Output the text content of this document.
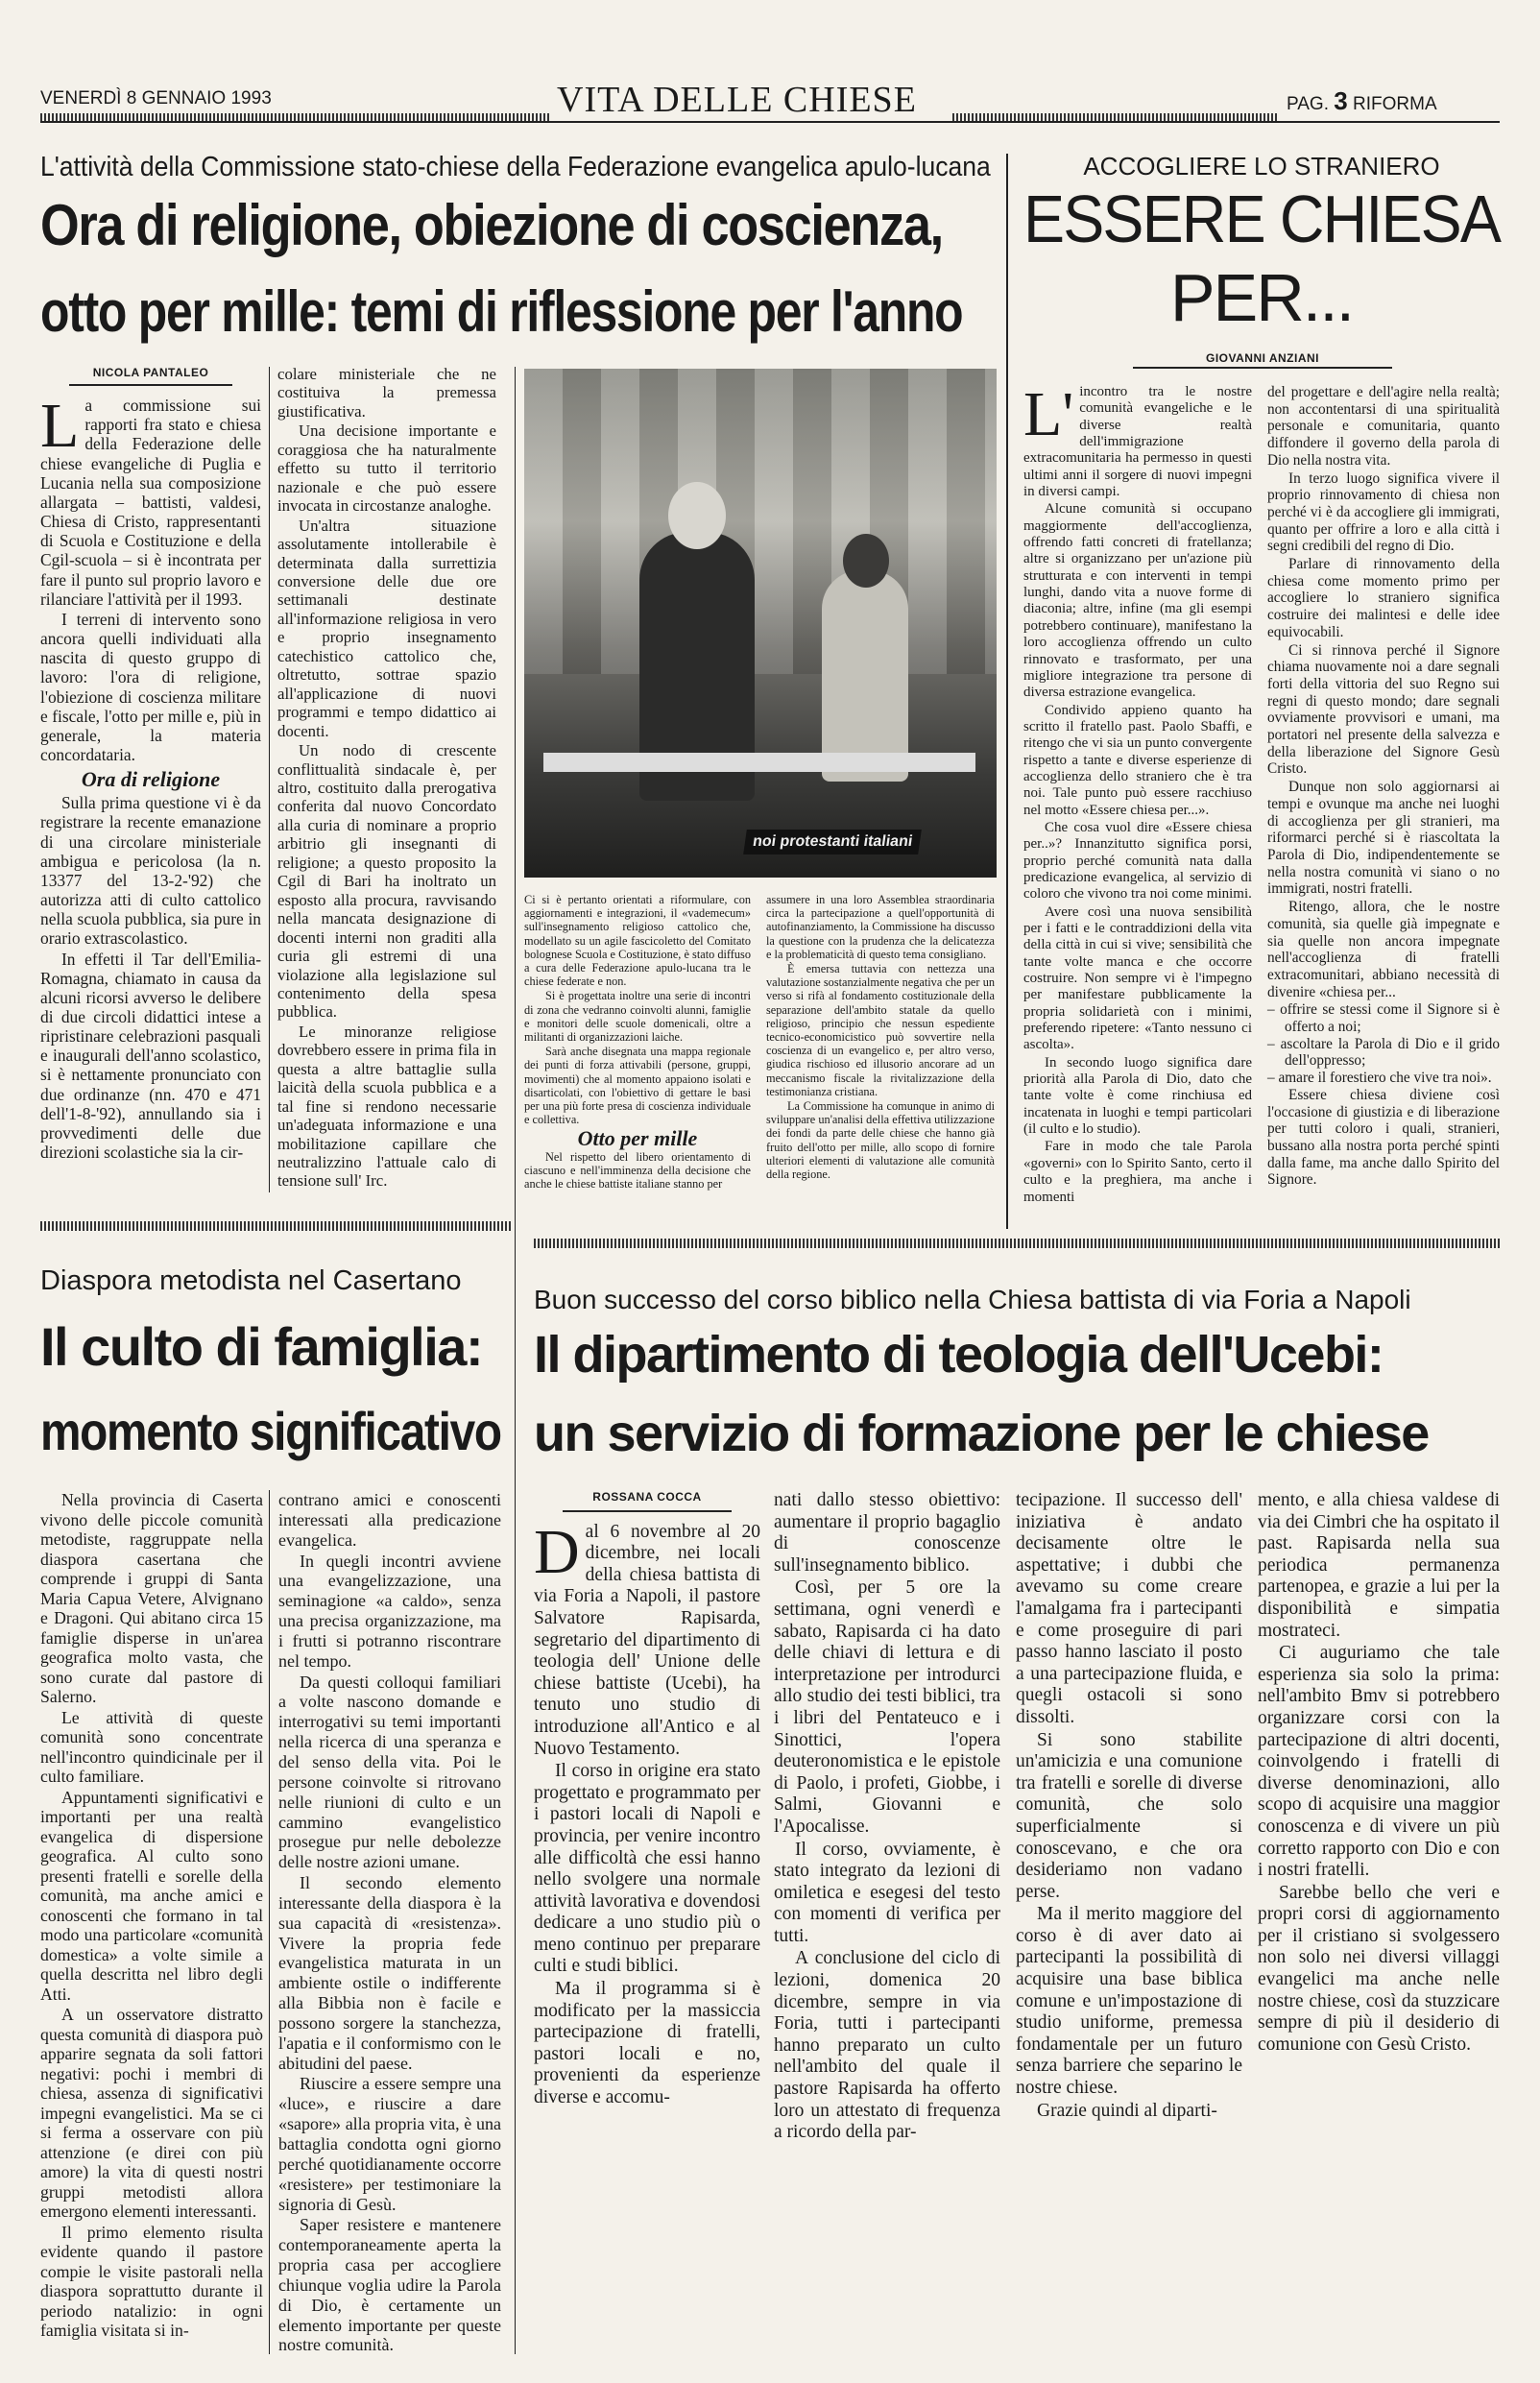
VENERDÌ 8 GENNAIO 1993	VITA DELLE CHIESE	PAG. 3 RIFORMA
L'attività della Commissione stato-chiese della Federazione evangelica apulo-lucana
Ora di religione, obiezione di coscienza,
otto per mille: temi di riflessione per l'anno
NICOLA PANTALEO
L a commissione sui rapporti fra stato e chiesa della Federazione delle chiese evangeliche di Puglia e Lucania nella sua composizione allargata – battisti, valdesi, Chiesa di Cristo, rappresentanti di Scuola e Costituzione e della Cgil-scuola – si è incontrata per fare il punto sul proprio lavoro e rilanciare l'attività per il 1993.

I terreni di intervento sono ancora quelli individuati alla nascita di questo gruppo di lavoro: l'ora di religione, l'obiezione di coscienza militare e fiscale, l'otto per mille e, più in generale, la materia concordataria.

Ora di religione

Sulla prima questione vi è da registrare la recente emanazione di una circolare ministeriale ambigua e pericolosa (la n. 13377 del 13-2-'92) che autorizza atti di culto cattolico nella scuola pubblica, sia pure in orario extrascolastico.

In effetti il Tar dell'Emilia-Romagna, chiamato in causa da alcuni ricorsi avverso le delibere di due circoli didattici intese a ripristinare celebrazioni pasquali e inaugurali dell'anno scolastico, si è nettamente pronunciato con due ordinanze (nn. 470 e 471 dell'1-8-'92), annullando sia i provvedimenti delle due direzioni scolastiche sia la cir-

colare ministeriale che ne costituiva la premessa giustificativa.

Una decisione importante e coraggiosa che ha naturalmente effetto su tutto il territorio nazionale e che può essere invocata in circostanze analoghe.

Un'altra situazione assolutamente intollerabile è determinata dalla surrettizia conversione delle due ore settimanali destinate all'informazione religiosa in vero e proprio insegnamento catechistico cattolico che, oltretutto, sottrae spazio all'applicazione di nuovi programmi e tempo didattico ai docenti.

Un nodo di crescente conflittualità sindacale è, per altro, costituito dalla prerogativa conferita dal nuovo Concordato alla curia di nominare a proprio arbitrio gli insegnanti di religione; a questo proposito la Cgil di Bari ha inoltrato un esposto alla procura, ravvisando nella mancata designazione di docenti interni non graditi alla curia gli estremi di una violazione alla legislazione sul contenimento della spesa pubblica.

Le minoranze religiose dovrebbero essere in prima fila in questa a altre battaglie sulla laicità della scuola pubblica e a tal fine si rendono necessarie un'adeguata informazione e una mobilitazione capillare che neutralizzino l'attuale calo di tensione sull' Irc.

noi protestanti italiani

Ci si è pertanto orientati a riformulare, con aggiornamenti e integrazioni, il «vademecum» sull'insegnamento religioso cattolico che, modellato su un agile fascicoletto del Comitato bolognese Scuola e Costituzione, è stato diffuso a cura delle Federazione apulo-lucana tra le chiese federate e non.

Si è progettata inoltre una serie di incontri di zona che vedranno coinvolti alunni, famiglie e monitori delle scuole domenicali, oltre a militanti di organizzazioni laiche.

Sarà anche disegnata una mappa regionale dei punti di forza attivabili (persone, gruppi, movimenti) che al momento appaiono isolati e disarticolati, con l'obiettivo di gettare le basi per una più forte presa di coscienza individuale e collettiva.

Otto per mille

Nel rispetto del libero orientamento di ciascuno e nell'imminenza della decisione che anche le chiese battiste italiane stanno per

assumere in una loro Assemblea straordinaria circa la partecipazione a quell'opportunità di autofinanziamento, la Commissione ha discusso la questione con la prudenza che la delicatezza e la problematicità di questo tema consigliano.

È emersa tuttavia con nettezza una valutazione sostanzialmente negativa che per un verso si rifà al fondamento costituzionale della separazione dell'ambito statale da quello religioso, principio che nessun espediente tecnico-economicistico può sovvertire nella coscienza di un evangelico e, per altro verso, giudica rischioso ed illusorio ancorare ad un meccanismo fiscale la rivitalizzazione della testimonianza cristiana.

La Commissione ha comunque in animo di sviluppare un'analisi della effettiva utilizzazione dei fondi da parte delle chiese che hanno già fruito dell'otto per mille, allo scopo di fornire ulteriori elementi di valutazione alle comunità della regione.

ACCOGLIERE LO STRANIERO
ESSERE CHIESA
PER...
GIOVANNI ANZIANI
L' incontro tra le nostre comunità evangeliche e le diverse realtà dell'immigrazione extracomunitaria ha permesso in questi ultimi anni il sorgere di nuovi impegni in diversi campi.

Alcune comunità si occupano maggiormente dell'accoglienza, offrendo fatti concreti di fratellanza; altre si organizzano per un'azione più strutturata e con interventi in tempi lunghi, dando vita a nuove forme di diaconia; altre, infine (ma gli esempi potrebbero continuare), manifestano la loro accoglienza offrendo un culto rinnovato e trasformato, per una migliore integrazione tra persone di diversa estrazione evangelica.

Condivido appieno quanto ha scritto il fratello past. Paolo Sbaffi, e ritengo che vi sia un punto convergente rispetto a tante e diverse esperienze di accoglienza dello straniero che è tra noi. Tale punto può essere racchiuso nel motto «Essere chiesa per...».

Che cosa vuol dire «Essere chiesa per..»? Innanzitutto significa porsi, proprio perché comunità nata dalla predicazione evangelica, al servizio di coloro che vivono tra noi come minimi.

Avere così una nuova sensibilità per i fatti e le contraddizioni della vita della città in cui si vive; sensibilità che tante volte manca e che occorre costruire. Non sempre vi è l'impegno per manifestare pubblicamente la propria solidarietà con i minimi, preferendo ripetere: «Tanto nessuno ci ascolta».

In secondo luogo significa dare priorità alla Parola di Dio, dato che tante volte è come rinchiusa ed incatenata in luoghi e tempi particolari (il culto e lo studio).

Fare in modo che tale Parola «governi» con lo Spirito Santo, certo il culto e la preghiera, ma anche i momenti

del progettare e dell'agire nella realtà; non accontentarsi di una spiritualità personale e comunitaria, quanto diffondere il governo della parola di Dio nella nostra vita.

In terzo luogo significa vivere il proprio rinnovamento di chiesa non perché vi è da accogliere gli immigrati, quanto per offrire a loro e alla città i segni credibili del regno di Dio.

Parlare di rinnovamento della chiesa come momento primo per accogliere lo straniero significa costruire dei malintesi e delle idee equivocabili.

Ci si rinnova perché il Signore chiama nuovamente noi a dare segnali forti della vittoria del suo Regno sui regni di questo mondo; dare segnali ovviamente provvisori e umani, ma portatori nel presente della salvezza e della liberazione del Signore Gesù Cristo.

Dunque non solo aggiornarsi ai tempi e ovunque ma anche nei luoghi di accoglienza per gli stranieri, ma riformarci perché si è riascoltata la Parola di Dio, indipendentemente se nella nostra comunità vi siano o no immigrati, nostri fratelli.

Ritengo, allora, che le nostre comunità, sia quelle già impegnate e sia quelle non ancora impegnate nell'accoglienza di fratelli extracomunitari, abbiano necessità di divenire «chiesa per...

– offrire se stessi come il Signore si è offerto a noi;
– ascoltare la Parola di Dio e il grido dell'oppresso;
– amare il forestiero che vive tra noi».

Essere chiesa diviene così l'occasione di giustizia e di liberazione per tutti coloro i quali, stranieri, bussano alla nostra porta perché spinti dalla fame, ma anche dallo Spirito del Signore.

Diaspora metodista nel Casertano
Il culto di famiglia:
momento significativo

Nella provincia di Caserta vivono delle piccole comunità metodiste, raggruppate nella diaspora casertana che comprende i gruppi di Santa Maria Capua Vetere, Alvignano e Dragoni. Qui abitano circa 15 famiglie disperse in un'area geografica molto vasta, che sono curate dal pastore di Salerno.

Le attività di queste comunità sono concentrate nell'incontro quindicinale per il culto familiare.

Appuntamenti significativi e importanti per una realtà evangelica di dispersione geografica. Al culto sono presenti fratelli e sorelle della comunità, ma anche amici e conoscenti che formano in tal modo una particolare «comunità domestica» a volte simile a quella descritta nel libro degli Atti.

A un osservatore distratto questa comunità di diaspora può apparire segnata da soli fattori negativi: pochi i membri di chiesa, assenza di significativi impegni evangelistici. Ma se ci si ferma a osservare con più attenzione (e direi con più amore) la vita di questi nostri gruppi metodisti allora emergono elementi interessanti.

Il primo elemento risulta evidente quando il pastore compie le visite pastorali nella diaspora soprattutto durante il periodo natalizio: in ogni famiglia visitata si in-

contrano amici e conoscenti interessati alla predicazione evangelica.

In quegli incontri avviene una evangelizzazione, una seminagione «a caldo», senza una precisa organizzazione, ma i frutti si potranno riscontrare nel tempo.

Da questi colloqui familiari a volte nascono domande e interrogativi su temi importanti nella ricerca di una speranza e del senso della vita. Poi le persone coinvolte si ritrovano nelle riunioni di culto e un cammino evangelistico prosegue pur nelle debolezze delle nostre azioni umane.

Il secondo elemento interessante della diaspora è la sua capacità di «resistenza». Vivere la propria fede evangelistica maturata in un ambiente ostile o indifferente alla Bibbia non è facile e possono sorgere la stanchezza, l'apatia e il conformismo con le abitudini del paese.

Riuscire a essere sempre una «luce», e riuscire a dare «sapore» alla propria vita, è una battaglia condotta ogni giorno perché quotidianamente occorre «resistere» per testimoniare la signoria di Gesù.

Saper resistere e mantenere contemporaneamente aperta la propria casa per accogliere chiunque voglia udire la Parola di Dio, è certamente un elemento importante per queste nostre comunità.

Buon successo del corso biblico nella Chiesa battista di via Foria a Napoli
Il dipartimento di teologia dell'Ucebi:
un servizio di formazione per le chiese
ROSSANA COCCA
D al 6 novembre al 20 dicembre, nei locali della chiesa battista di via Foria a Napoli, il pastore Salvatore Rapisarda, segretario del dipartimento di teologia dell' Unione delle chiese battiste (Ucebi), ha tenuto uno studio di introduzione all'Antico e al Nuovo Testamento.

Il corso in origine era stato progettato e programmato per i pastori locali di Napoli e provincia, per venire incontro alle difficoltà che essi hanno nello svolgere una normale attività lavorativa e dovendosi dedicare a uno studio più o meno continuo per preparare culti e studi biblici.

Ma il programma si è modificato per la massiccia partecipazione di fratelli, pastori locali e no, provenienti da esperienze diverse e accomu-

nati dallo stesso obiettivo: aumentare il proprio bagaglio di conoscenze sull'insegnamento biblico.

Così, per 5 ore la settimana, ogni venerdì e sabato, Rapisarda ci ha dato delle chiavi di lettura e di interpretazione per introdurci allo studio dei testi biblici, tra i libri del Pentateuco e i Sinottici, l'opera deuteronomistica e le epistole di Paolo, i profeti, Giobbe, i Salmi, Giovanni e l'Apocalisse.

Il corso, ovviamente, è stato integrato da lezioni di omiletica e esegesi del testo con momenti di verifica per tutti.

A conclusione del ciclo di lezioni, domenica 20 dicembre, sempre in via Foria, tutti i partecipanti hanno preparato un culto nell'ambito del quale il pastore Rapisarda ha offerto loro un attestato di frequenza a ricordo della par-

tecipazione. Il successo dell' iniziativa è andato decisamente oltre le aspettative; i dubbi che avevamo su come creare l'amalgama fra i partecipanti e come proseguire di pari passo hanno lasciato il posto a una partecipazione fluida, e quegli ostacoli si sono dissolti.

Si sono stabilite un'amicizia e una comunione tra fratelli e sorelle di diverse comunità, che solo superficialmente si conoscevano, e che ora desideriamo non vadano perse.

Ma il merito maggiore del corso è di aver dato ai partecipanti la possibilità di acquisire una base biblica comune e un'impostazione di studio uniforme, premessa fondamentale per un futuro senza barriere che separino le nostre chiese.

Grazie quindi al diparti-

mento, e alla chiesa valdese di via dei Cimbri che ha ospitato il past. Rapisarda nella sua periodica permanenza partenopea, e grazie a lui per la disponibilità e simpatia mostrateci.

Ci auguriamo che tale esperienza sia solo la prima: nell'ambito Bmv si potrebbero organizzare corsi con la partecipazione di altri docenti, coinvolgendo i fratelli di diverse denominazioni, allo scopo di acquisire una maggior conoscenza e di vivere un più corretto rapporto con Dio e con i nostri fratelli.

Sarebbe bello che veri e propri corsi di aggiornamento per il cristiano si svolgessero non solo nei diversi villaggi evangelici ma anche nelle nostre chiese, così da stuzzicare sempre di più il desiderio di comunione con Gesù Cristo.
